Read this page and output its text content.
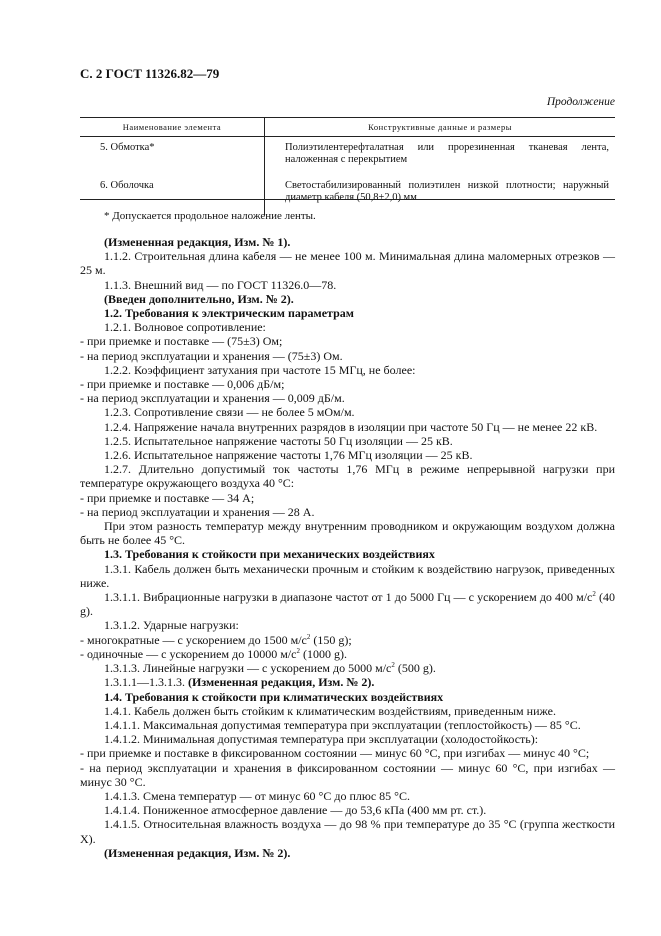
С. 2 ГОСТ 11326.82—79
Продолжение
Наименование элемента	Конструктивные данные и размеры
5. Обмотка*	Полиэтилентерефталатная или прорезиненная тканевая лента, наложенная с перекрытием
6. Оболочка	Светостабилизированный полиэтилен низкой плотности; наружный диаметр кабеля (50,8±2,0) мм
* Допускается продольное наложение ленты.

(Измененная редакция, Изм. № 1).

1.1.2. Строительная длина кабеля — не менее 100 м. Минимальная длина маломерных отрезков — 25 м.

1.1.3. Внешний вид — по ГОСТ 11326.0—78.

(Введен дополнительно, Изм. № 2).

1.2. Требования к электрическим параметрам

1.2.1. Волновое сопротивление:

- при приемке и поставке — (75±3) Ом;

- на период эксплуатации и хранения — (75±3) Ом.

1.2.2. Коэффициент затухания при частоте 15 МГц, не более:

- при приемке и поставке — 0,006 дБ/м;

- на период эксплуатации и хранения — 0,009 дБ/м.

1.2.3. Сопротивление связи — не более 5 мОм/м.

1.2.4. Напряжение начала внутренних разрядов в изоляции при частоте 50 Гц — не менее 22 кВ.

1.2.5. Испытательное напряжение частоты 50 Гц изоляции — 25 кВ.

1.2.6. Испытательное напряжение частоты 1,76 МГц изоляции — 25 кВ.

1.2.7. Длительно допустимый ток частоты 1,76 МГц в режиме непрерывной нагрузки при температуре окружающего воздуха 40 °С:

- при приемке и поставке — 34 А;

- на период эксплуатации и хранения — 28 А.

При этом разность температур между внутренним проводником и окружающим воздухом должна быть не более 45 °С.

1.3. Требования к стойкости при механических воздействиях

1.3.1. Кабель должен быть механически прочным и стойким к воздействию нагрузок, приведенных ниже.

1.3.1.1. Вибрационные нагрузки в диапазоне частот от 1 до 5000 Гц — с ускорением до 400 $м/с^2$ (40 g).

1.3.1.2. Ударные нагрузки:

- многократные — с ускорением до 1500 $м/с^2$ (150 g);

- одиночные — с ускорением до 10000 $м/с^2$ (1000 g).

1.3.1.3. Линейные нагрузки — с ускорением до 5000 $м/с^2$ (500 g).

1.3.1.1—1.3.1.3. (Измененная редакция, Изм. № 2).

1.4. Требования к стойкости при климатических воздействиях

1.4.1. Кабель должен быть стойким к климатическим воздействиям, приведенным ниже.

1.4.1.1. Максимальная допустимая температура при эксплуатации (теплостойкость) — 85 °С.

1.4.1.2. Минимальная допустимая температура при эксплуатации (холодостойкость):

- при приемке и поставке в фиксированном состоянии — минус 60 °С, при изгибах — минус 40 °С;

- на период эксплуатации и хранения в фиксированном состоянии — минус 60 °С, при изгибах — минус 30 °С.

1.4.1.3. Смена температур — от минус 60 °С до плюс 85 °С.

1.4.1.4. Пониженное атмосферное давление — до 53,6 кПа (400 мм рт. ст.).

1.4.1.5. Относительная влажность воздуха — до 98 % при температуре до 35 °С (группа жесткости X).

(Измененная редакция, Изм. № 2).
